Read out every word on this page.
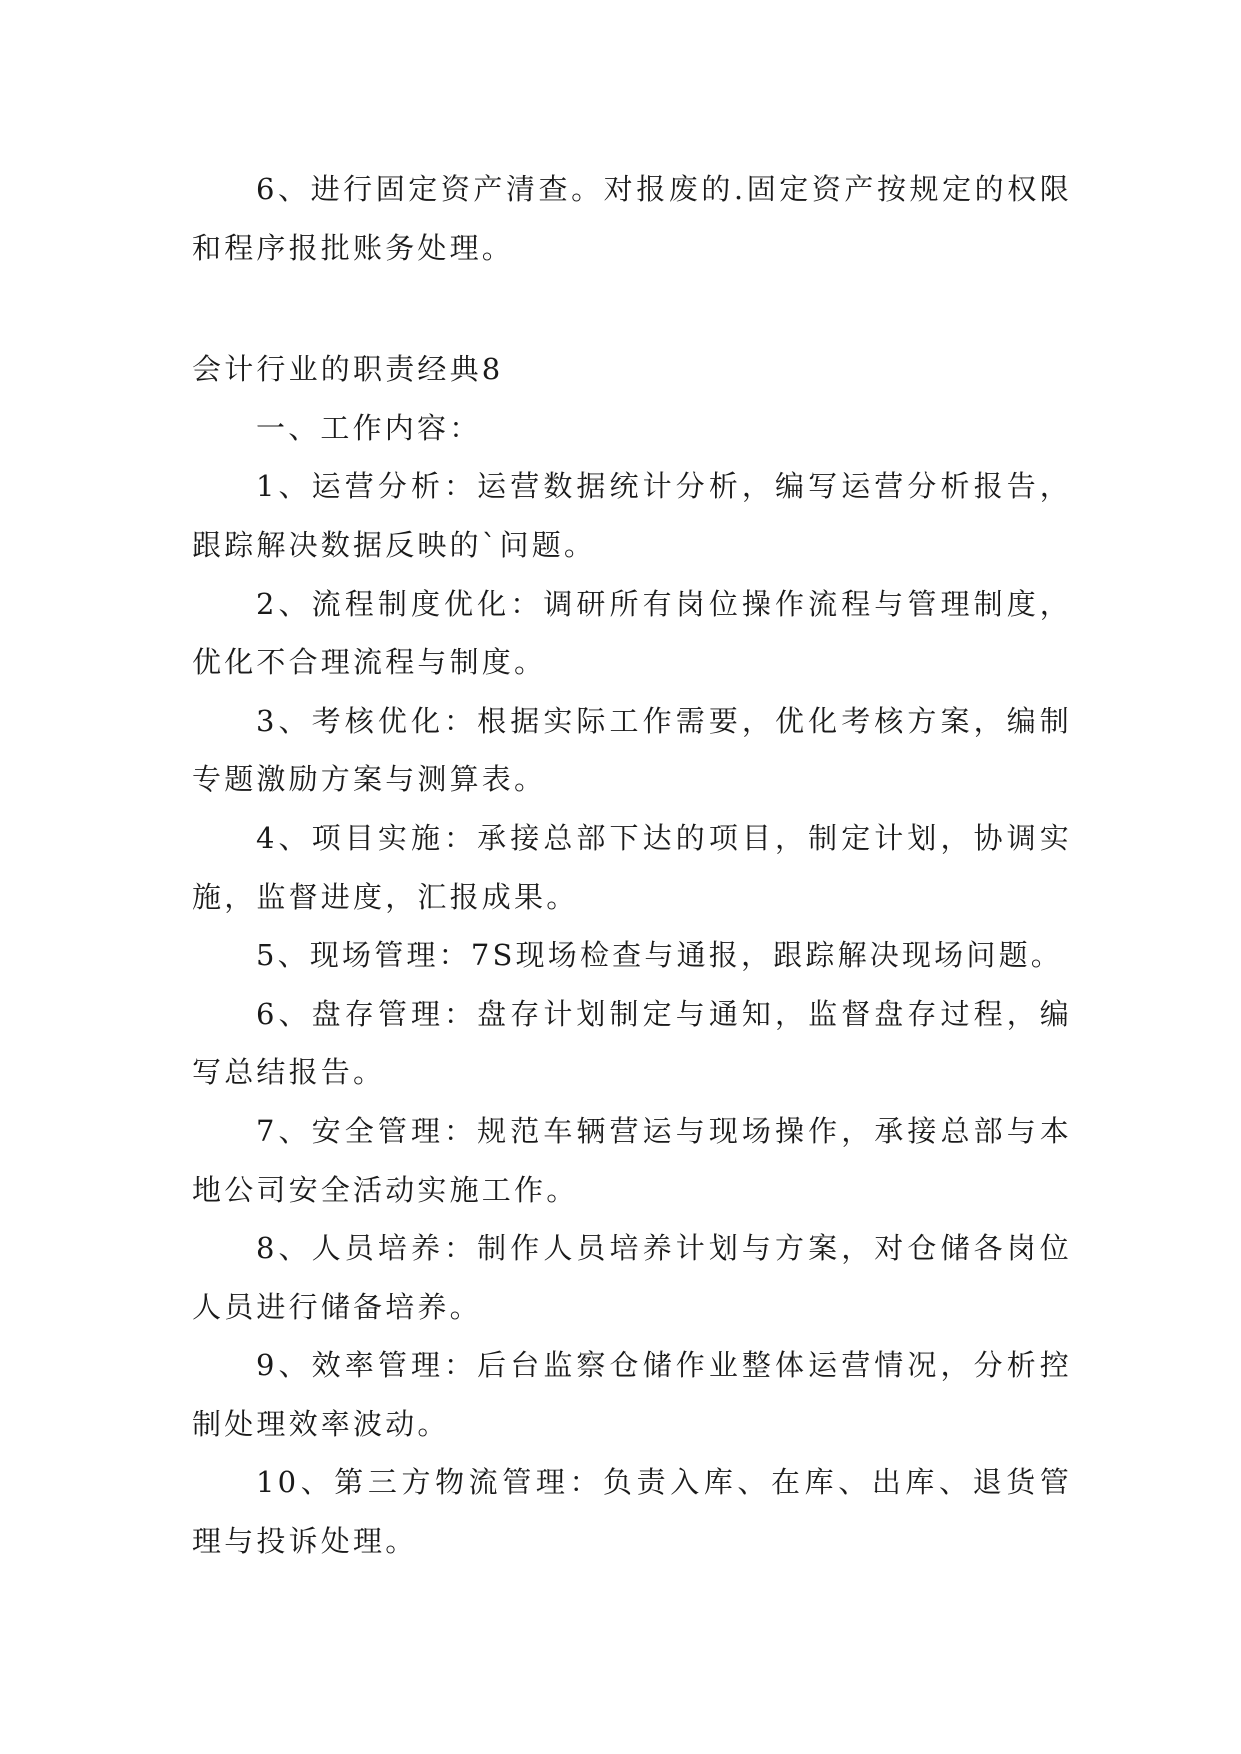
6、进行固定资产清查。对报废的.固定资产按规定的权限和程序报批账务处理。

会计行业的职责经典8

一、工作内容：

1、运营分析：运营数据统计分析，编写运营分析报告，跟踪解决数据反映的`问题。

2、流程制度优化：调研所有岗位操作流程与管理制度，优化不合理流程与制度。

3、考核优化：根据实际工作需要，优化考核方案，编制专题激励方案与测算表。

4、项目实施：承接总部下达的项目，制定计划，协调实施，监督进度，汇报成果。

5、现场管理：7S现场检查与通报，跟踪解决现场问题。

6、盘存管理：盘存计划制定与通知，监督盘存过程，编写总结报告。

7、安全管理：规范车辆营运与现场操作，承接总部与本地公司安全活动实施工作。

8、人员培养：制作人员培养计划与方案，对仓储各岗位人员进行储备培养。

9、效率管理：后台监察仓储作业整体运营情况，分析控制处理效率波动。

10、第三方物流管理：负责入库、在库、出库、退货管理与投诉处理。
